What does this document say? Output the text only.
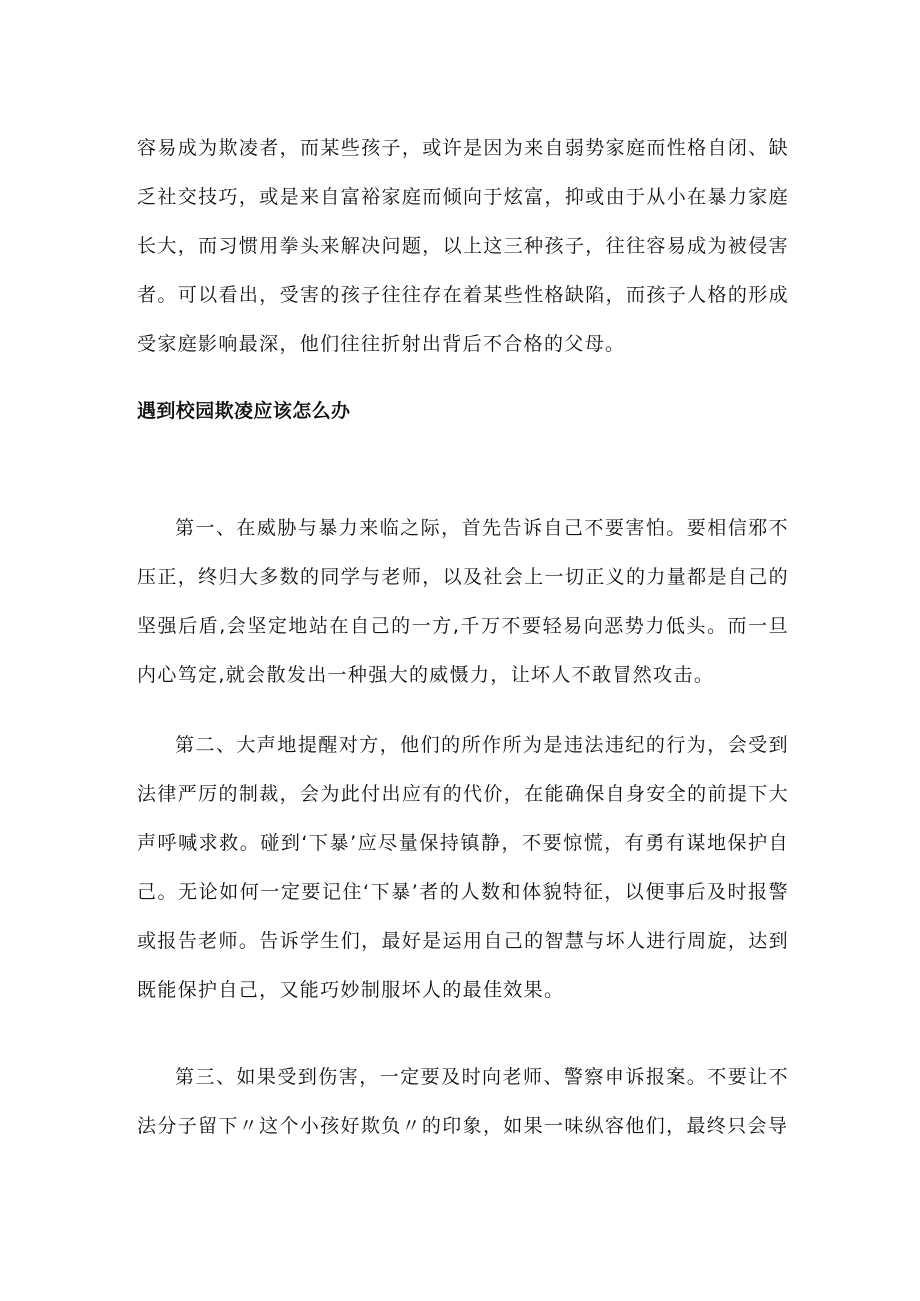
容易成为欺凌者，而某些孩子，或许是因为来自弱势家庭而性格自闭、缺乏社交技巧，或是来自富裕家庭而倾向于炫富，抑或由于从小在暴力家庭长大，而习惯用拳头来解决问题，以上这三种孩子，往往容易成为被侵害者。可以看出，受害的孩子往往存在着某些性格缺陷，而孩子人格的形成受家庭影响最深，他们往往折射出背后不合格的父母。

遇到校园欺凌应该怎么办

第一、在威胁与暴力来临之际，首先告诉自己不要害怕。要相信邪不压正，终归大多数的同学与老师，以及社会上一切正义的力量都是自己的坚强后盾,会坚定地站在自己的一方,千万不要轻易向恶势力低头。而一旦内心笃定,就会散发出一种强大的威慑力，让坏人不敢冒然攻击。

第二、大声地提醒对方，他们的所作所为是违法违纪的行为，会受到法律严厉的制裁，会为此付出应有的代价，在能确保自身安全的前提下大声呼喊求救。碰到‘下暴’应尽量保持镇静，不要惊慌，有勇有谋地保护自己。无论如何一定要记住‘下暴’者的人数和体貌特征，以便事后及时报警或报告老师。告诉学生们，最好是运用自己的智慧与坏人进行周旋，达到既能保护自己，又能巧妙制服坏人的最佳效果。

第三、如果受到伤害，一定要及时向老师、警察申诉报案。不要让不法分子留下〃这个小孩好欺负〃的印象，如果一味纵容他们，最终只会导
